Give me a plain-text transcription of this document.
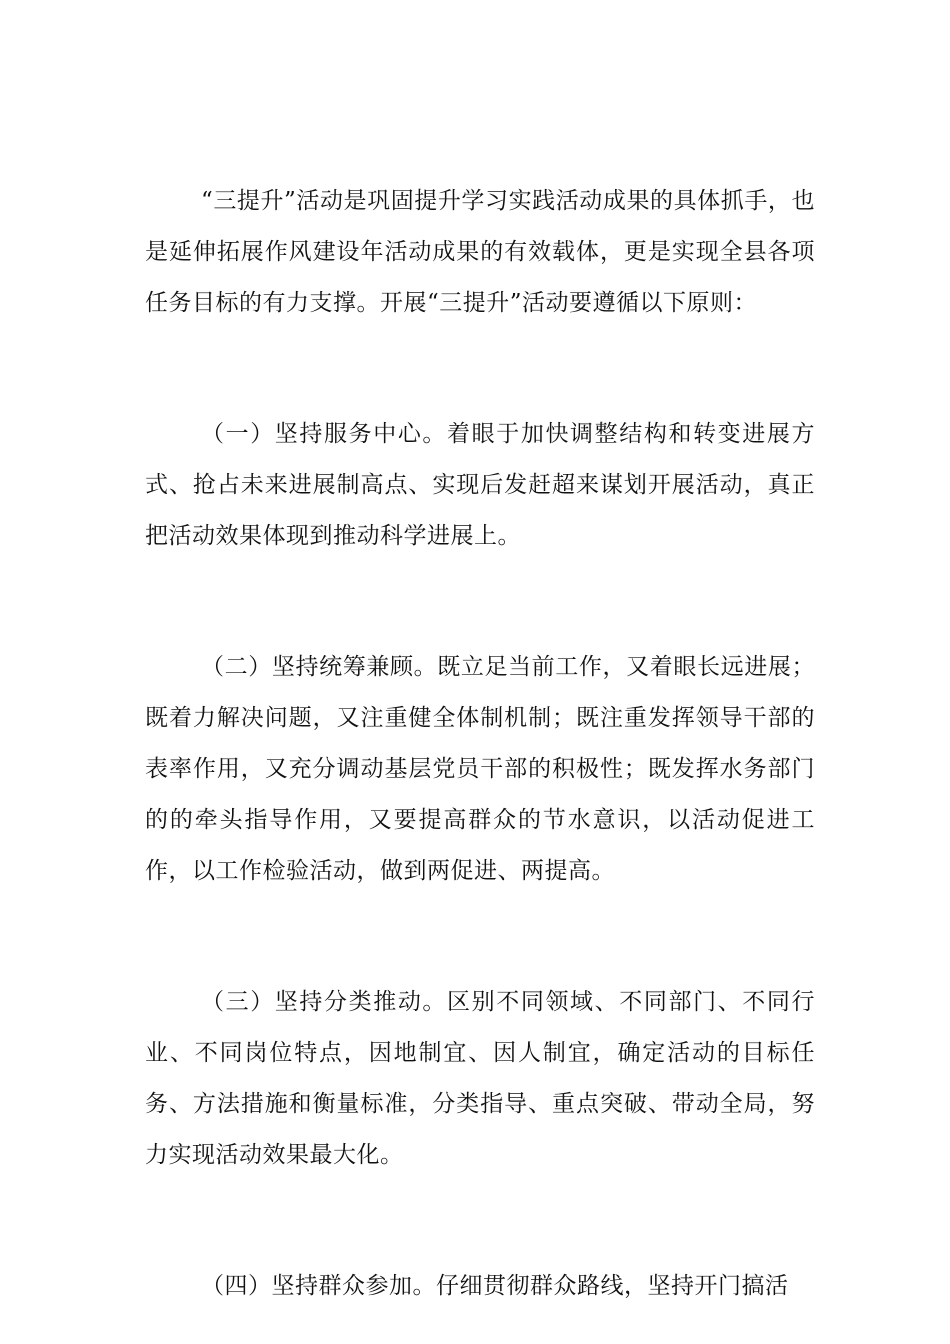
“三提升”活动是巩固提升学习实践活动成果的具体抓手，也是延伸拓展作风建设年活动成果的有效载体，更是实现全县各项任务目标的有力支撑。开展“三提升”活动要遵循以下原则：

（一）坚持服务中心。着眼于加快调整结构和转变进展方式、抢占未来进展制高点、实现后发赶超来谋划开展活动，真正把活动效果体现到推动科学进展上。

（二）坚持统筹兼顾。既立足当前工作，又着眼长远进展；既着力解决问题，又注重健全体制机制；既注重发挥领导干部的表率作用，又充分调动基层党员干部的积极性；既发挥水务部门的的牵头指导作用，又要提高群众的节水意识，以活动促进工作，以工作检验活动，做到两促进、两提高。

（三）坚持分类推动。区别不同领域、不同部门、不同行业、不同岗位特点，因地制宜、因人制宜，确定活动的目标任务、方法措施和衡量标准，分类指导、重点突破、带动全局，努力实现活动效果最大化。

（四）坚持群众参加。仔细贯彻群众路线，坚持开门搞活
